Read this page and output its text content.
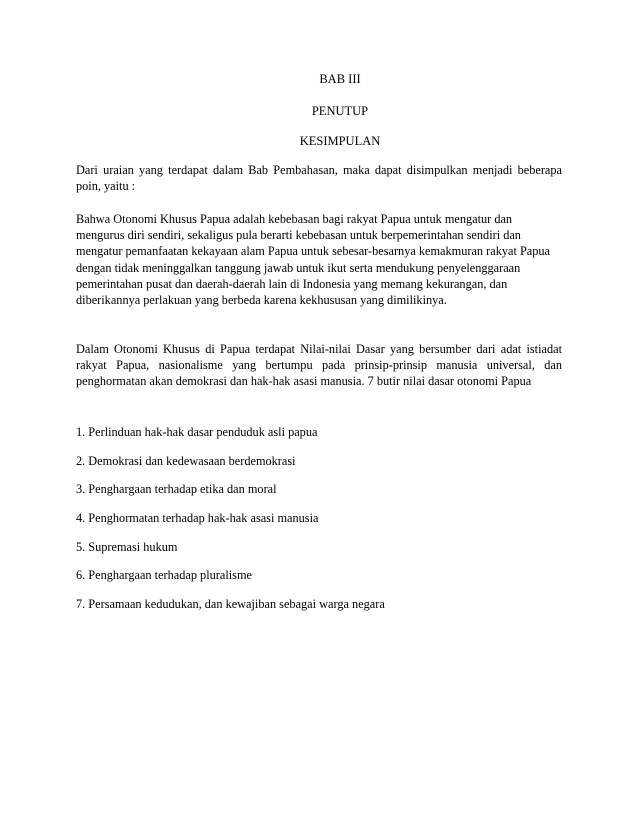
BAB III
PENUTUP
KESIMPULAN

Dari uraian yang terdapat dalam Bab Pembahasan, maka dapat disimpulkan menjadi beberapa poin, yaitu :

Bahwa Otonomi Khusus Papua adalah kebebasan bagi rakyat Papua untuk mengatur dan
mengurus diri sendiri, sekaligus pula berarti kebebasan untuk berpemerintahan sendiri dan
mengatur pemanfaatan kekayaan alam Papua untuk sebesar-besarnya kemakmuran rakyat Papua
dengan tidak meninggalkan tanggung jawab untuk ikut serta mendukung penyelenggaraan
pemerintahan pusat dan daerah-daerah lain di Indonesia yang memang kekurangan, dan
diberikannya perlakuan yang berbeda karena kekhususan yang dimilikinya.

Dalam Otonomi Khusus di Papua terdapat Nilai-nilai Dasar yang bersumber dari adat istiadat rakyat Papua, nasionalisme yang bertumpu pada prinsip-prinsip manusia universal, dan penghormatan akan demokrasi dan hak-hak asasi manusia. 7 butir nilai dasar otonomi Papua

1. Perlinduan hak-hak dasar penduduk asli papua
2. Demokrasi dan kedewasaan berdemokrasi
3. Penghargaan terhadap etika dan moral
4. Penghormatan terhadap hak-hak asasi manusia
5. Supremasi hukum
6. Penghargaan terhadap pluralisme
7. Persamaan kedudukan, dan kewajiban sebagai warga negara
